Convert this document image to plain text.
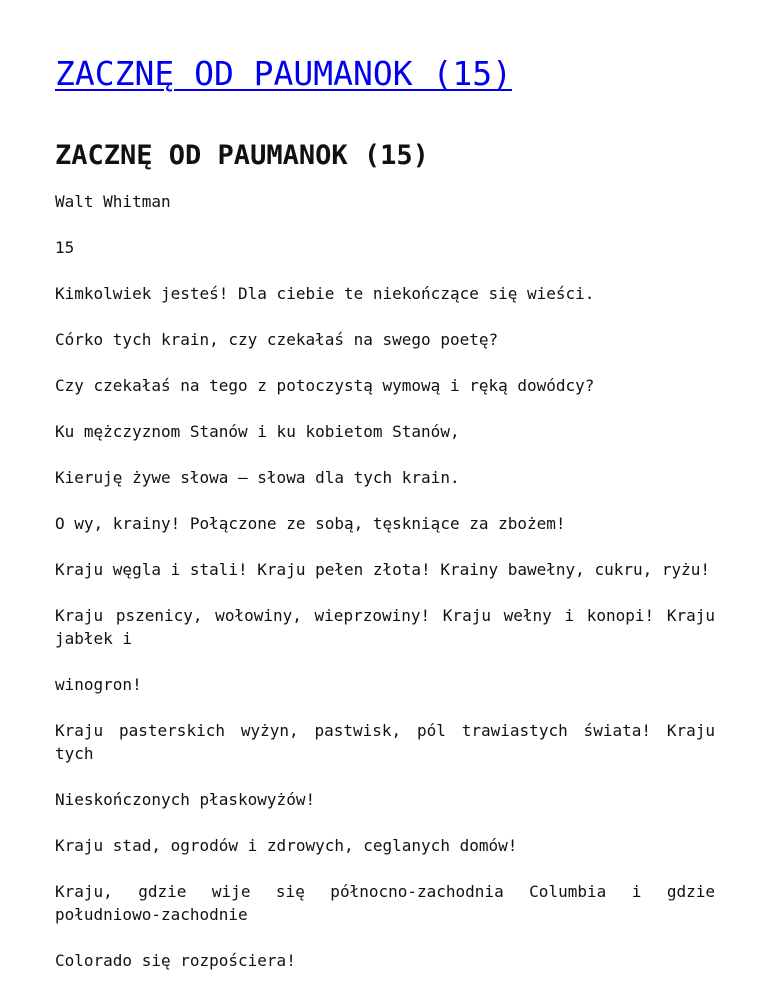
ZACZNĘ OD PAUMANOK (15)
ZACZNĘ OD PAUMANOK (15)

Walt Whitman

15

Kimkolwiek jesteś! Dla ciebie te niekończące się wieści.

Córko tych krain, czy czekałaś na swego poetę?

Czy czekałaś na tego z potoczystą wymową i ręką dowódcy?

Ku mężczyznom Stanów i ku kobietom Stanów,

Kieruję żywe słowa – słowa dla tych krain.

O wy, krainy! Połączone ze sobą, tęskniące za zbożem!

Kraju węgla i stali! Kraju pełen złota! Krainy bawełny, cukru, ryżu!

Kraju pszenicy, wołowiny, wieprzowiny! Kraju wełny i konopi! Kraju jabłek i

winogron!

Kraju pasterskich wyżyn, pastwisk, pól trawiastych świata! Kraju tych

Nieskończonych płaskowyżów!

Kraju stad, ogrodów i zdrowych, ceglanych domów!

Kraju, gdzie wije się północno-zachodnia Columbia i gdzie południowo-zachodnie

Colorado się rozpościera!
